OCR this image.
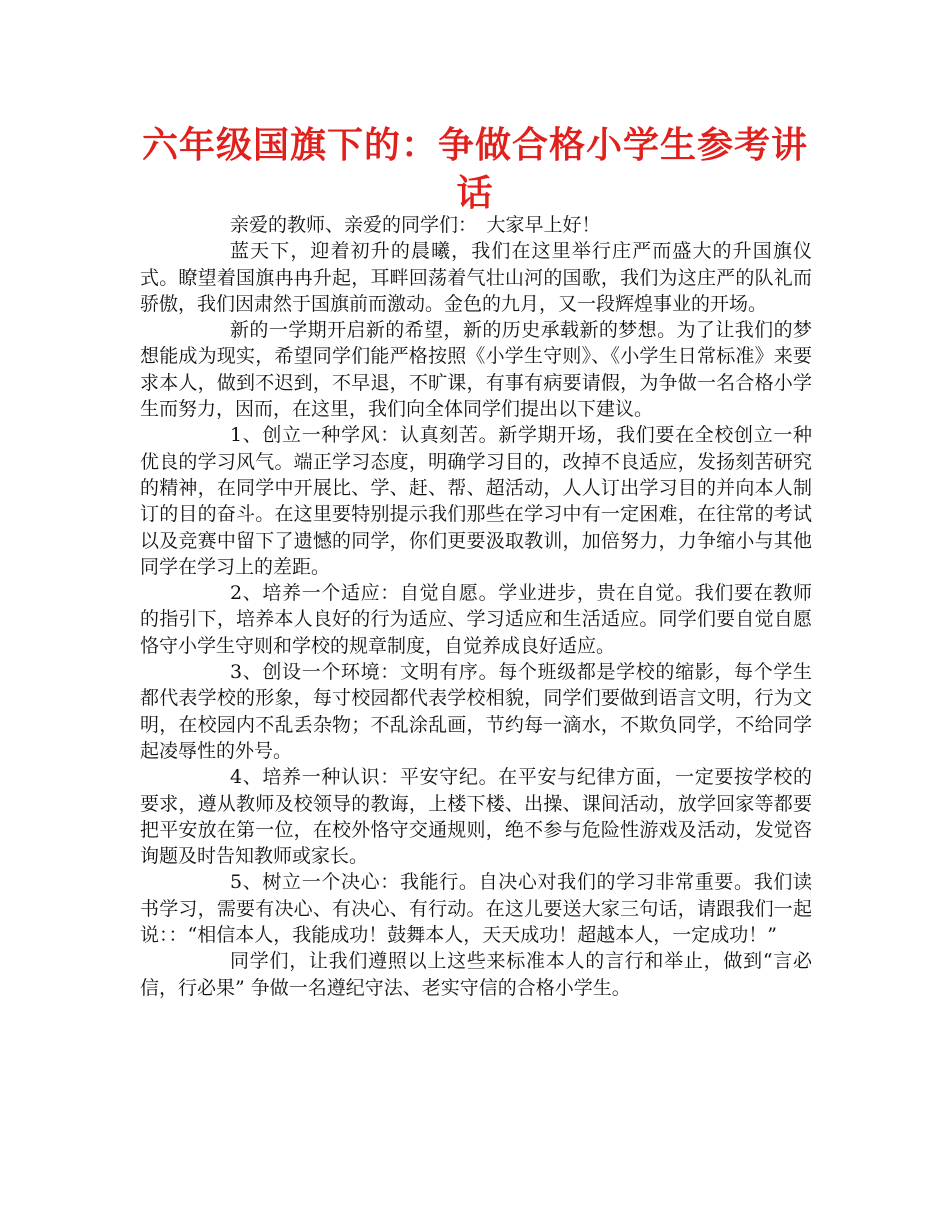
六年级国旗下的：争做合格小学生参考讲话

亲爱的教师、亲爱的同学们：　大家早上好！

蓝天下，迎着初升的晨曦，我们在这里举行庄严而盛大的升国旗仪式。瞭望着国旗冉冉升起，耳畔回荡着气壮山河的国歌，我们为这庄严的队礼而骄傲，我们因肃然于国旗前而激动。金色的九月，又一段辉煌事业的开场。

新的一学期开启新的希望，新的历史承载新的梦想。为了让我们的梦想能成为现实，希望同学们能严格按照《小学生守则》、《小学生日常标准》来要求本人，做到不迟到，不早退，不旷课，有事有病要请假，为争做一名合格小学生而努力，因而，在这里，我们向全体同学们提出以下建议。

1、创立一种学风：认真刻苦。新学期开场，我们要在全校创立一种优良的学习风气。端正学习态度，明确学习目的，改掉不良适应，发扬刻苦研究的精神，在同学中开展比、学、赶、帮、超活动，人人订出学习目的并向本人制订的目的奋斗。在这里要特别提示我们那些在学习中有一定困难，在往常的考试以及竞赛中留下了遗憾的同学，你们更要汲取教训，加倍努力，力争缩小与其他同学在学习上的差距。

2、培养一个适应：自觉自愿。学业进步，贵在自觉。我们要在教师的指引下，培养本人良好的行为适应、学习适应和生活适应。同学们要自觉自愿恪守小学生守则和学校的规章制度，自觉养成良好适应。

3、创设一个环境：文明有序。每个班级都是学校的缩影，每个学生都代表学校的形象，每寸校园都代表学校相貌，同学们要做到语言文明，行为文明，在校园内不乱丢杂物；不乱涂乱画，节约每一滴水，不欺负同学，不给同学起凌辱性的外号。

4、培养一种认识：平安守纪。在平安与纪律方面，一定要按学校的要求，遵从教师及校领导的教诲，上楼下楼、出操、课间活动，放学回家等都要把平安放在第一位，在校外恪守交通规则，绝不参与危险性游戏及活动，发觉咨询题及时告知教师或家长。

5、树立一个决心：我能行。自决心对我们的学习非常重要。我们读书学习，需要有决心、有决心、有行动。在这儿要送大家三句话，请跟我们一起说：：“相信本人，我能成功！鼓舞本人，天天成功！超越本人，一定成功！”

同学们，让我们遵照以上这些来标准本人的言行和举止，做到“言必信，行必果” 争做一名遵纪守法、老实守信的合格小学生。
